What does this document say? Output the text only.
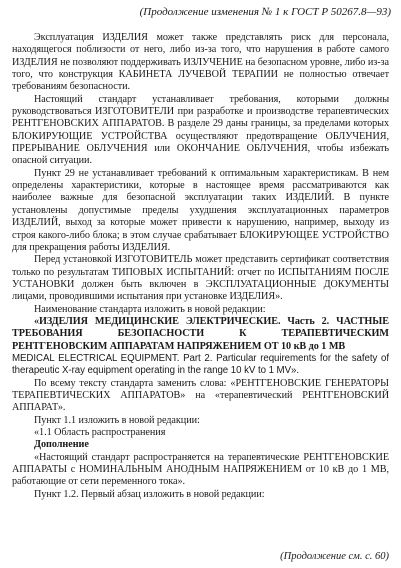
(Продолжение изменения № 1 к ГОСТ Р 50267.8—93)

Эксплуатация ИЗДЕЛИЯ может также представлять риск для персонала, находящегося поблизости от него, либо из-за того, что нарушения в работе самого ИЗДЕЛИЯ не позволяют поддерживать ИЗЛУЧЕНИЕ на безопасном уровне, либо из-за того, что конструкция КАБИНЕТА ЛУЧЕВОЙ ТЕРАПИИ не полностью отвечает требованиям безопасности.

Настоящий стандарт устанавливает требования, которыми должны руководствоваться ИЗГОТОВИТЕЛИ при разработке и производстве терапевтических РЕНТГЕНОВСКИХ АППАРАТОВ. В разделе 29 даны границы, за пределами которых БЛОКИРУЮЩИЕ УСТРОЙСТВА осуществляют предотвращение ОБЛУЧЕНИЯ, ПРЕРЫВАНИЕ ОБЛУЧЕНИЯ или ОКОНЧАНИЕ ОБЛУЧЕНИЯ, чтобы избежать опасной ситуации.

Пункт 29 не устанавливает требований к оптимальным характеристикам. В нем определены характеристики, которые в настоящее время рассматриваются как наиболее важные для безопасной эксплуатации таких ИЗДЕЛИЙ. В пункте установлены допустимые пределы ухудшения эксплуатационных параметров ИЗДЕЛИЙ, выход за которые может привести к нарушению, например, выходу из строя какого-либо блока; в этом случае срабатывает БЛОКИРУЮЩЕЕ УСТРОЙСТВО для прекращения работы ИЗДЕЛИЯ.

Перед установкой ИЗГОТОВИТЕЛЬ может представить сертификат соответствия только по результатам ТИПОВЫХ ИСПЫТАНИЙ: отчет по ИСПЫТАНИЯМ ПОСЛЕ УСТАНОВКИ должен быть включен в ЭКСПЛУАТАЦИОННЫЕ ДОКУМЕНТЫ лицами, проводившими испытания при установке ИЗДЕЛИЯ».

Наименование стандарта изложить в новой редакции:

«ИЗДЕЛИЯ МЕДИЦИНСКИЕ ЭЛЕКТРИЧЕСКИЕ. Часть 2. ЧАСТНЫЕ ТРЕБОВАНИЯ БЕЗОПАСНОСТИ К ТЕРАПЕВТИЧЕСКИМ РЕНТГЕНОВСКИМ АППАРАТАМ НАПРЯЖЕНИЕМ ОТ 10 кВ до 1 МВ

MEDICAL ELECTRICAL EQUIPMENT. Part 2. Particular requirements for the safety of therapeutic X-ray equipment operating in the range 10 kV to 1 MV».

По всему тексту стандарта заменить слова: «РЕНТГЕНОВСКИЕ ГЕНЕРАТОРЫ ТЕРАПЕВТИЧЕСКИХ АППАРАТОВ» на «терапевтический РЕНТГЕНОВСКИЙ АППАРАТ».

Пункт 1.1 изложить в новой редакции:

«1.1 Область распространения

Дополнение

«Настоящий стандарт распространяется на терапевтические РЕНТГЕНОВСКИЕ АППАРАТЫ с НОМИНАЛЬНЫМ АНОДНЫМ НАПРЯЖЕНИЕМ от 10 кВ до 1 МВ, работающие от сети переменного тока».

Пункт 1.2. Первый абзац изложить в новой редакции:

(Продолжение см. с. 60)
